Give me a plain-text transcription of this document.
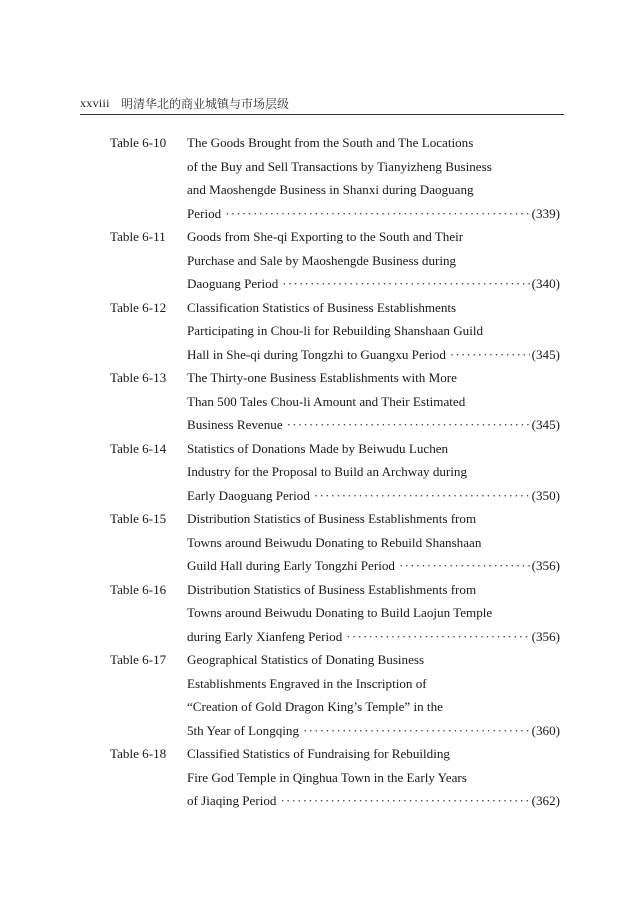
xxviii 明清华北的商业城镇与市场层级
Table 6-10 The Goods Brought from the South and The Locations
of the Buy and Sell Transactions by Tianyizheng Business
and Maoshengde Business in Shanxi during Daoguang
Period ·····	(339)
Table 6-11 Goods from She-qi Exporting to the South and Their
Purchase and Sale by Maoshengde Business during
Daoguang Period ·····	(340)
Table 6-12 Classification Statistics of Business Establishments
Participating in Chou-li for Rebuilding Shanshaan Guild
Hall in She-qi during Tongzhi to Guangxu Period ·····	(345)
Table 6-13 The Thirty-one Business Establishments with More
Than 500 Tales Chou-li Amount and Their Estimated
Business Revenue ·····	(345)
Table 6-14 Statistics of Donations Made by Beiwudu Luchen
Industry for the Proposal to Build an Archway during
Early Daoguang Period ·····	(350)
Table 6-15 Distribution Statistics of Business Establishments from
Towns around Beiwudu Donating to Rebuild Shanshaan
Guild Hall during Early Tongzhi Period ·····	(356)
Table 6-16 Distribution Statistics of Business Establishments from
Towns around Beiwudu Donating to Build Laojun Temple
during Early Xianfeng Period ·····	(356)
Table 6-17 Geographical Statistics of Donating Business
Establishments Engraved in the Inscription of
“Creation of Gold Dragon King’s Temple” in the
5th Year of Longqing ·····	(360)
Table 6-18 Classified Statistics of Fundraising for Rebuilding
Fire God Temple in Qinghua Town in the Early Years
of Jiaqing Period ·····	(362)
